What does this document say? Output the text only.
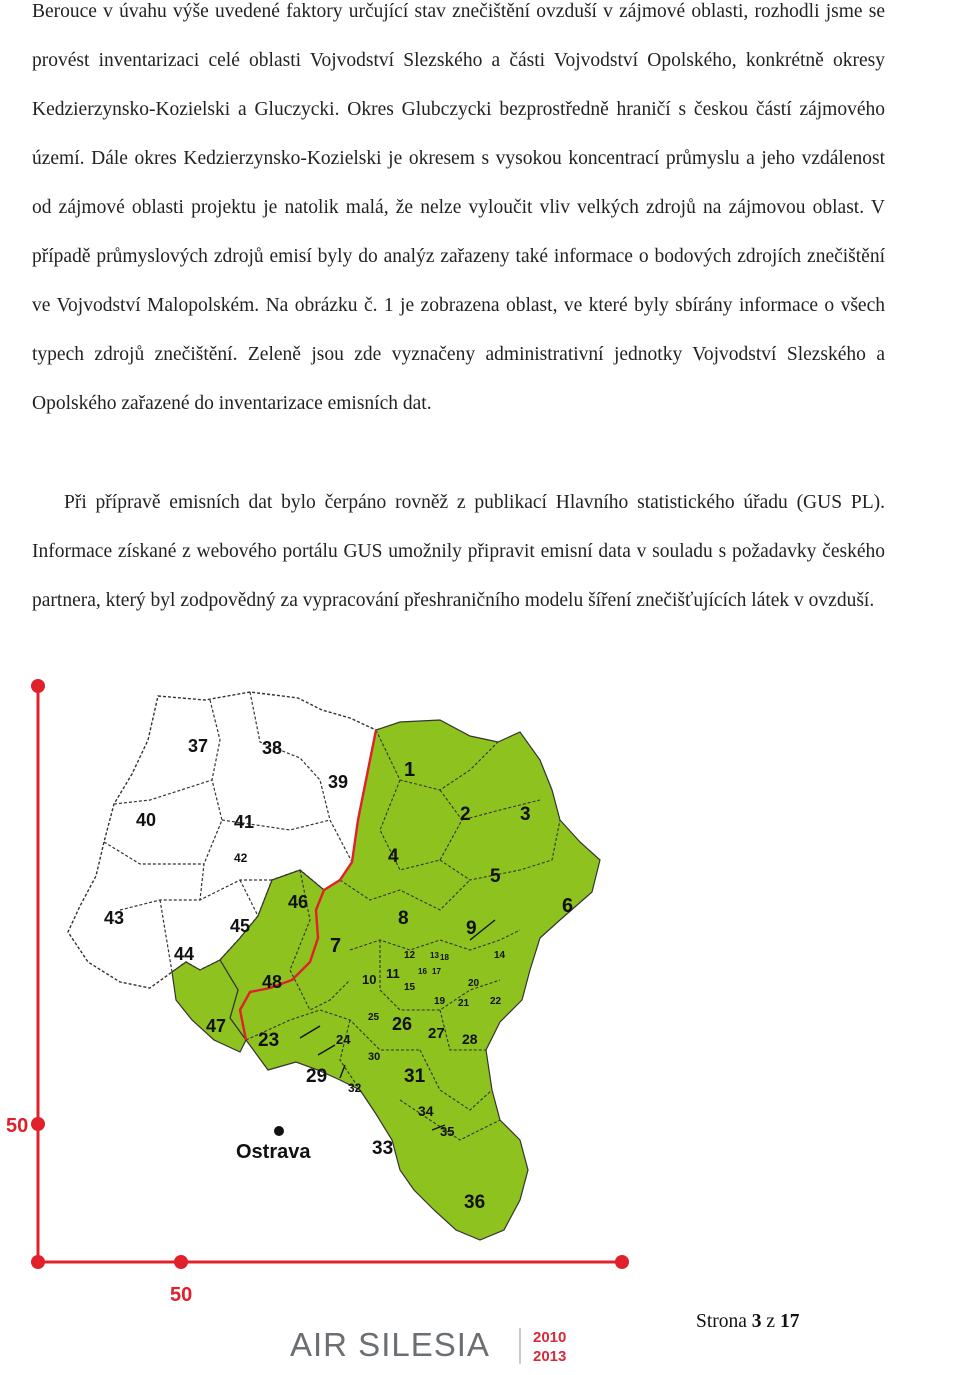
Berouce v úvahu výše uvedené faktory určující stav znečištění ovzduší v zájmové oblasti, rozhodli jsme se provést inventarizaci celé oblasti Vojvodství Slezského a části Vojvodství Opolského, konkrétně okresy Kedzierzynsko-Kozielski a Gluczycki. Okres Glubczycki bezprostředně hraničí s českou částí zájmového území. Dále okres Kedzierzynsko-Kozielski je okresem s vysokou koncentrací průmyslu a jeho vzdálenost od zájmové oblasti projektu je natolik malá, že nelze vyloučit vliv velkých zdrojů na zájmovou oblast. V případě průmyslových zdrojů emisí byly do analýz zařazeny také informace o bodových zdrojích znečištění ve Vojvodství Malopolském. Na obrázku č. 1 je zobrazena oblast, ve které byly sbírány informace o všech typech zdrojů znečištění. Zeleně jsou zde vyznačeny administrativní jednotky Vojvodství Slezského a Opolského zařazené do inventarizace emisních dat.

Při přípravě emisních dat bylo čerpáno rovněž z publikací Hlavního statistického úřadu (GUS PL). Informace získané z webového portálu GUS umožnily připravit emisní data v souladu s požadavky českého partnera, který byl zodpovědný za vypracování přeshraničního modelu šíření znečišťujících látek v ovzduší.

50
50
Ostrava
1
2	3
4
5
6
7
8	9
10 11
12 13	14
15
16 17
18
19
20
21 22
23	24
25 26 27 28
29
30
31
32
33
34
35
36
37	38
39
40	41
42
43
44
45
46
47
48
AIR SILESIA	2010
2013
Strona 3 z 17
